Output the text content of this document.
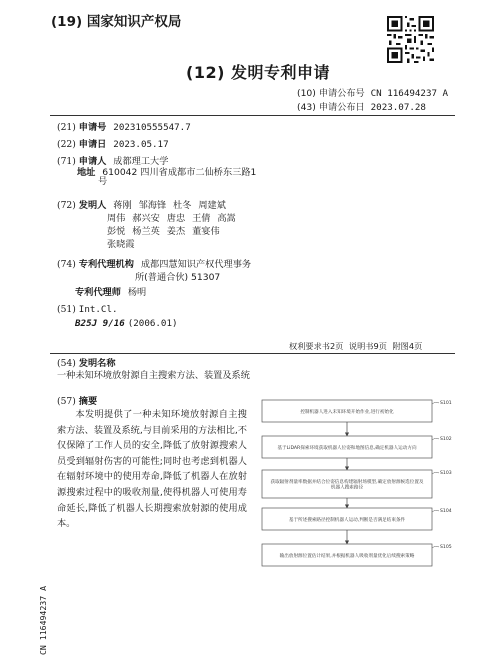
(19) 国家知识产权局
(12) 发明专利申请
(10) 申请公布号 CN 116494237 A
(43) 申请公布日 2023.07.28
(21) 申请号 202310555547.7
(22) 申请日 2023.05.17
(71) 申请人 成都理工大学
地址 610042 四川省成都市二仙桥东三路1
号
(72) 发明人 蒋刚 邹海锋 杜冬 周建斌
周伟 郝兴安 唐忠 王倩 高嵩
彭悦 杨兰英 姜杰 董宴伟
张晓霞
(74) 专利代理机构 成都四慧知识产权代理事务
所(普通合伙) 51307
专利代理师 杨明
(51) Int.Cl.
B25J 9/16 (2006.01)
权利要求书2页 说明书9页 附图4页
(54) 发明名称
一种未知环境放射源自主搜索方法、装置及系统
(57) 摘要
本发明提供了一种未知环境放射源自主搜索方法、装置及系统,与目前采用的方法相比,不仅保障了工作人员的安全,降低了放射源搜索人员受到辐射伤害的可能性;同时也考虑到机器人在辐射环境中的使用寿命,降低了机器人在放射源搜索过程中的吸收剂量,使得机器人可使用寿命延长,降低了机器人长期搜索放射源的使用成本。
CN 116494237 A
控制机器人进入未知环境开始作业,进行初始化
S101
基于LiDAR探索环境获取机器人位姿和地图信息,确定机器人运动方向
S102
获取辐射剂量率数据并结合位姿信息构建辐射场模型,确定放射源候选位置及
机器人搜索路径
S103
基于所述搜索路径控制机器人运动,判断是否满足结束条件
S104
输出放射源位置估计结果,并根据机器人吸收剂量优化后续搜索策略
S105
